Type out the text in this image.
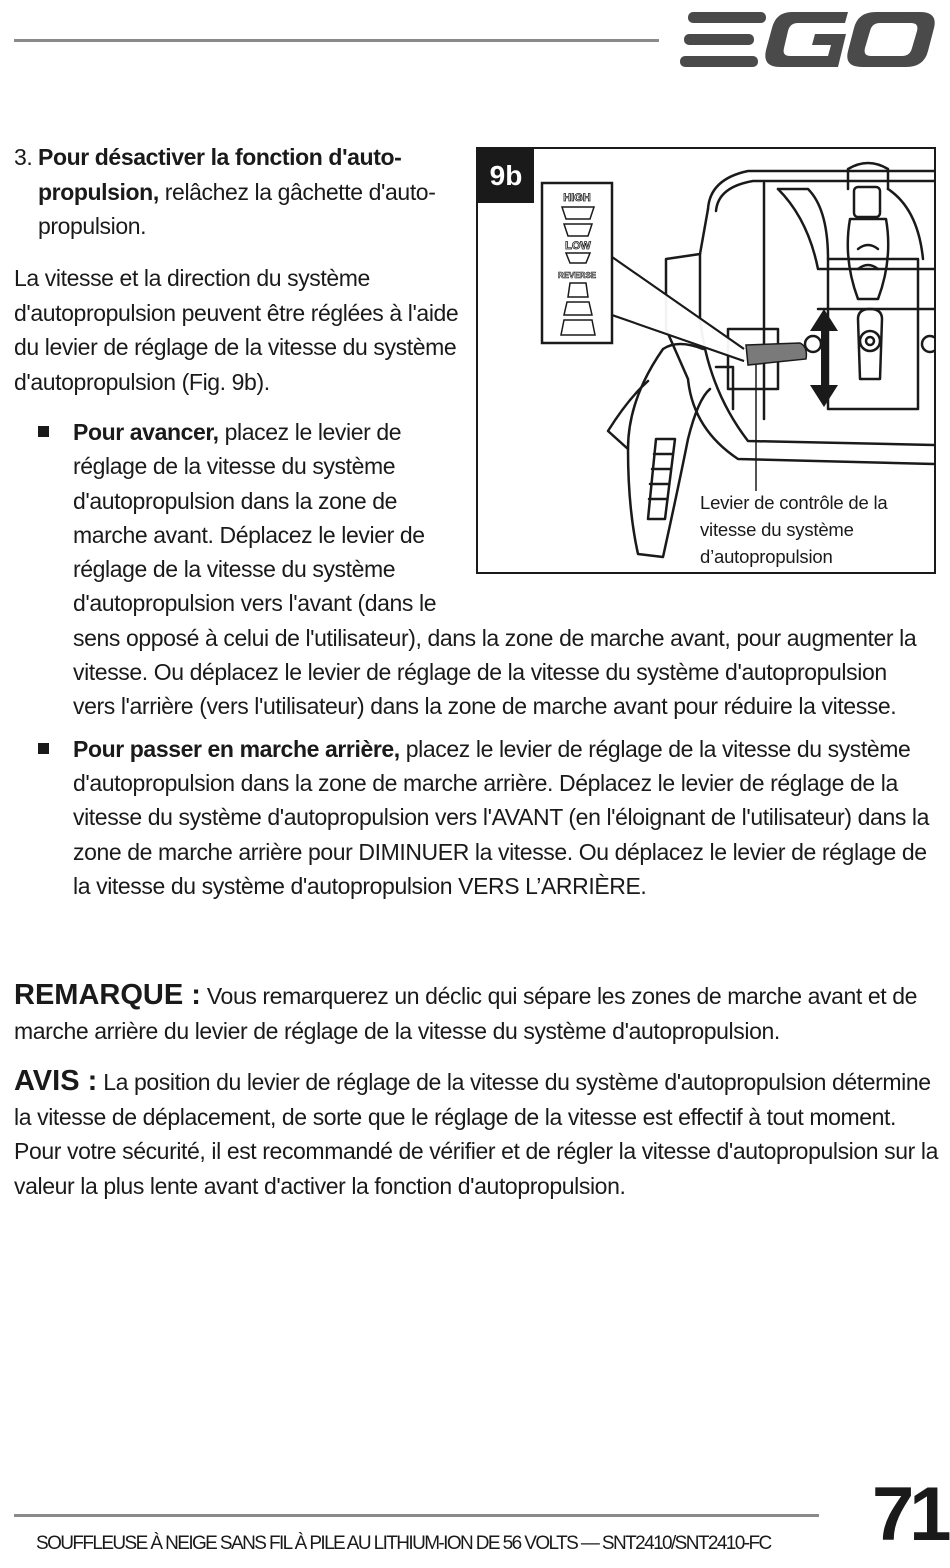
EGO
3. Pour désactiver la fonction d'auto-propulsion, relâchez la gâchette d'auto-propulsion.
La vitesse et la direction du système d'autopropulsion peuvent être réglées à l'aide du levier de réglage de la vitesse du système d'autopropulsion (Fig. 9b).
Pour avancer, placez le levier de réglage de la vitesse du système d'autopropulsion dans la zone de marche avant. Déplacez le levier de réglage de la vitesse du système d'autopropulsion vers l'avant (dans le sens opposé à celui de l'utilisateur), dans la zone de marche avant, pour augmenter la vitesse. Ou déplacez le levier de réglage de la vitesse du système d'autopropulsion vers l'arrière (vers l'utilisateur) dans la zone de marche avant pour réduire la vitesse.
Pour passer en marche arrière, placez le levier de réglage de la vitesse du système d'autopropulsion dans la zone de marche arrière. Déplacez le levier de réglage de la vitesse du système d'autopropulsion vers l'AVANT (en l'éloignant de l'utilisateur) dans la zone de marche arrière pour DIMINUER la vitesse. Ou déplacez le levier de réglage de la vitesse du système d'autopropulsion VERS L’ARRIÈRE.
REMARQUE : Vous remarquerez un déclic qui sépare les zones de marche avant et de marche arrière du levier de réglage de la vitesse du système d'autopropulsion.
AVIS : La position du levier de réglage de la vitesse du système d'autopropulsion détermine la vitesse de déplacement, de sorte que le réglage de la vitesse est effectif à tout moment. Pour votre sécurité, il est recommandé de vérifier et de régler la vitesse d'autopropulsion sur la valeur la plus lente avant d'activer la fonction d'autopropulsion.
HIGH
LOW
REVERSE
9b
Levier de contrôle de la vitesse du système d’autopropulsion
SOUFFLEUSE À NEIGE SANS FIL À PILE AU LITHIUM-ION DE 56 VOLTS — SNT2410/SNT2410-FC	71
